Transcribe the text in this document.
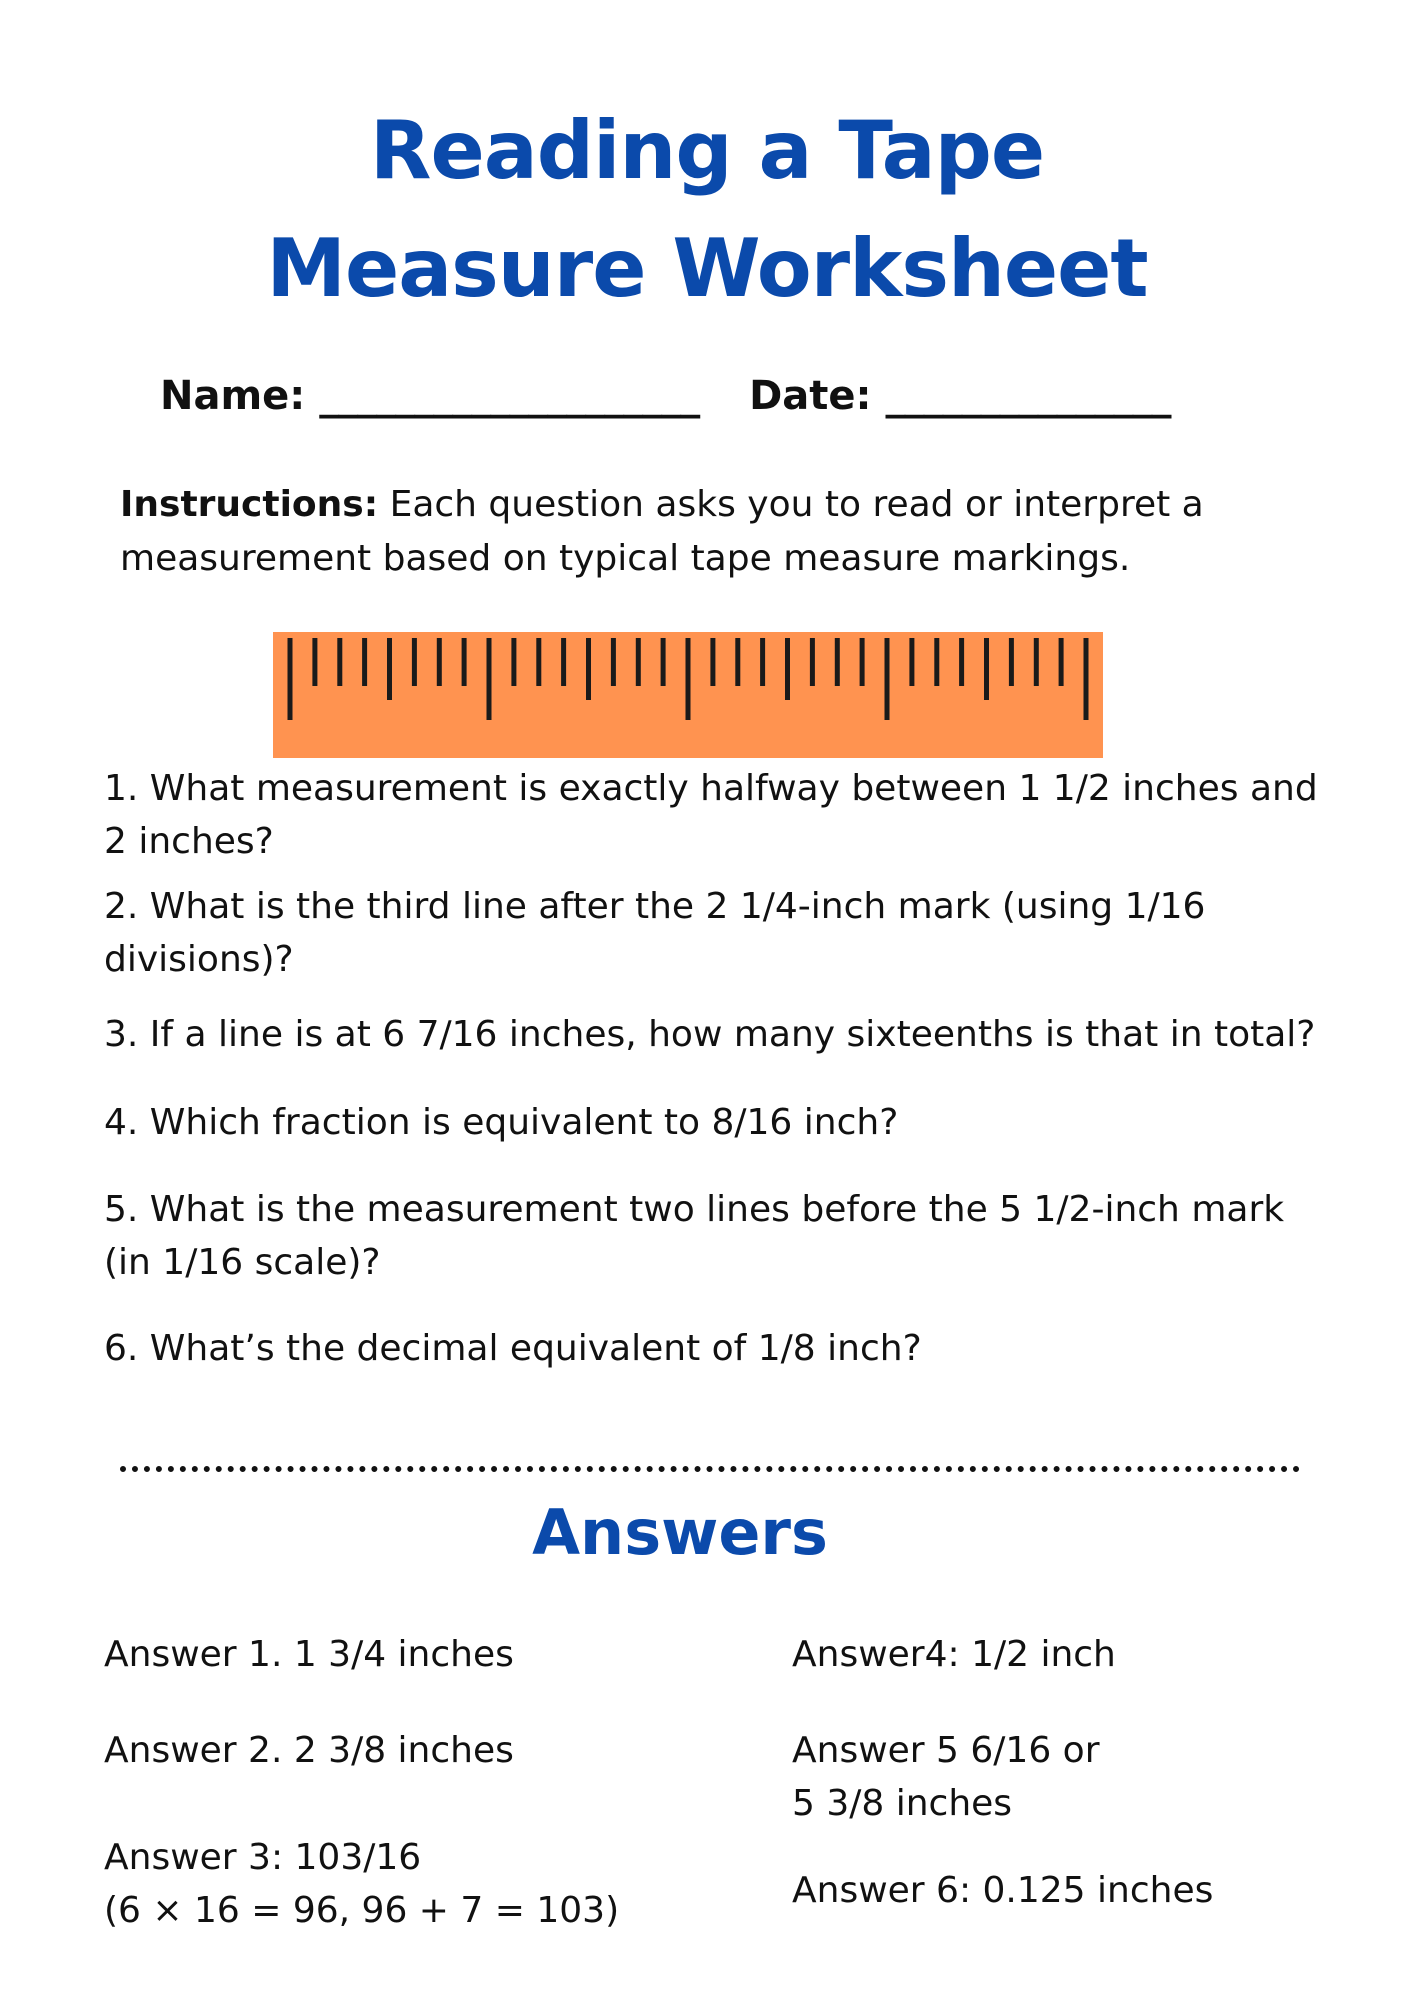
Reading a Tape
Measure Worksheet
Name: ____________________ Date: _______________
Instructions: Each question asks you to read or interpret a measurement based on typical tape measure markings.
1. What measurement is exactly halfway between 1 1/2 inches and 2 inches?
2. What is the third line after the 2 1/4-inch mark (using 1/16 divisions)?
3. If a line is at 6 7/16 inches, how many sixteenths is that in total?
4. Which fraction is equivalent to 8/16 inch?
5. What is the measurement two lines before the 5 1/2-inch mark (in 1/16 scale)?
6. What’s the decimal equivalent of 1/8 inch?
Answers
Answer 1. 1 3/4 inches
Answer 2. 2 3/8 inches
Answer 3: 103/16
(6 × 16 = 96, 96 + 7 = 103)
Answer4: 1/2 inch
Answer 5 6/16 or
5 3/8 inches
Answer 6: 0.125 inches
